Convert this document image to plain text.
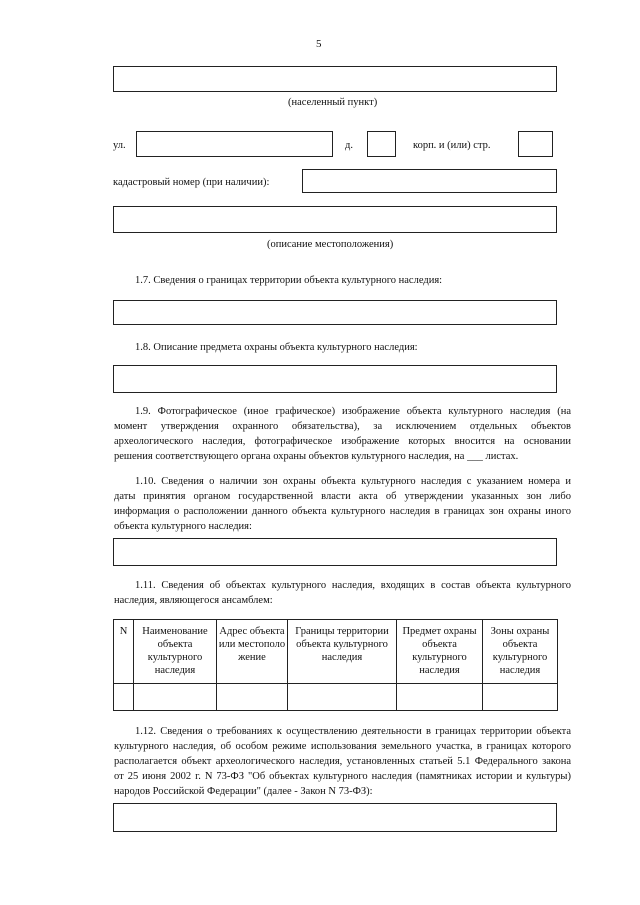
5
(населенный пункт)
ул.	д.	корп. и (или) стр.
кадастровый номер (при наличии):
(описание местоположения)
1.7. Сведения о границах территории объекта культурного наследия:
1.8. Описание предмета охраны объекта культурного наследия:
1.9. Фотографическое (иное графическое) изображение объекта культурного наследия (на
момент утверждения охранного обязательства), за исключением отдельных объектов
археологического наследия, фотографическое изображение которых вносится на основании
решения соответствующего органа охраны объектов культурного наследия, на ___ листах.
1.10. Сведения о наличии зон охраны объекта культурного наследия с указанием номера и
даты принятия органом государственной власти акта об утверждении указанных зон либо
информация о расположении данного объекта культурного наследия в границах зон охраны иного
объекта культурного наследия:
1.11. Сведения об объектах культурного наследия, входящих в состав объекта культурного
наследия, являющегося ансамблем:
N	Наименование объекта культурного наследия	Адрес объекта или местоположение	Границы территории объекта культурного наследия	Предмет охраны объекта культурного наследия	Зоны охраны объекта культурного наследия

1.12. Сведения о требованиях к осуществлению деятельности в границах территории объекта
культурного наследия, об особом режиме использования земельного участка, в границах которого
располагается объект археологического наследия, установленных статьей 5.1 Федерального закона
от 25 июня 2002 г. N 73-ФЗ "Об объектах культурного наследия (памятниках истории и культуры)
народов Российской Федерации" (далее - Закон N 73-ФЗ):
